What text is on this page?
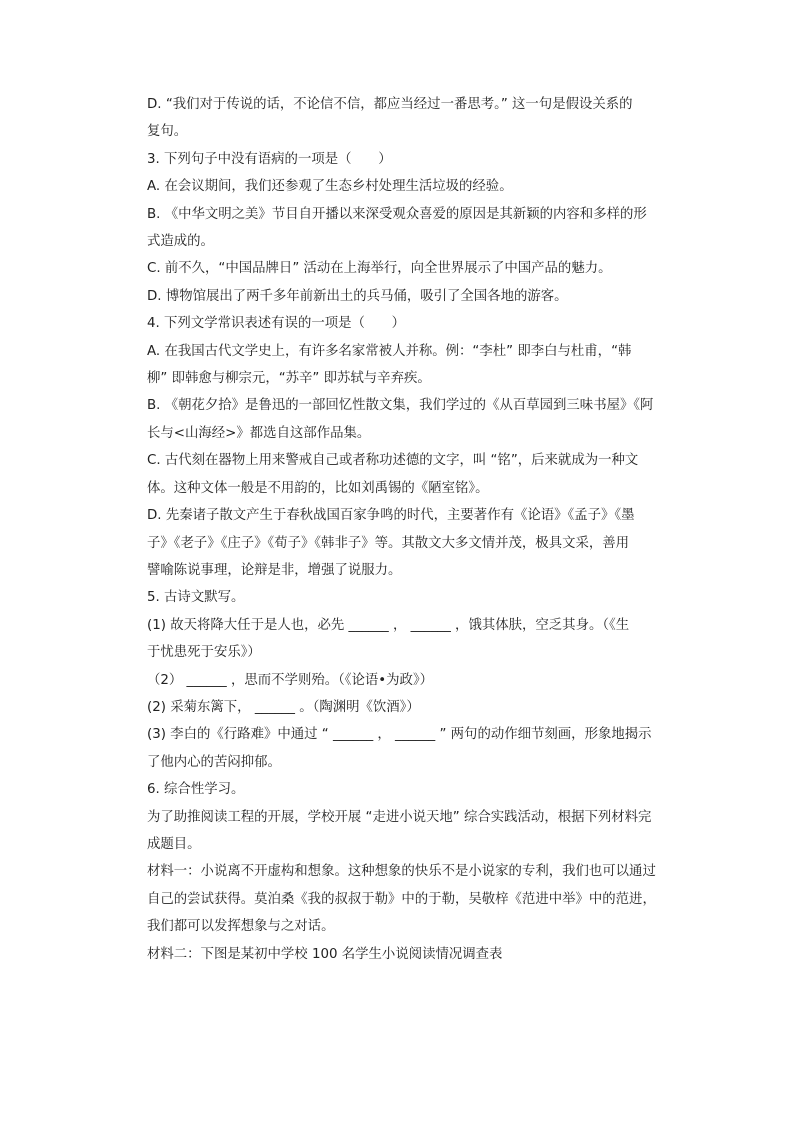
D. “我们对于传说的话，不论信不信，都应当经过一番思考。” 这一句是假设关系的
复句。
3. 下列句子中没有语病的一项是（　　）
A. 在会议期间，我们还参观了生态乡村处理生活垃圾的经验。
B. 《中华文明之美》节目自开播以来深受观众喜爱的原因是其新颖的内容和多样的形
式造成的。
C. 前不久，“中国品牌日” 活动在上海举行，向全世界展示了中国产品的魅力。
D. 博物馆展出了两千多年前新出土的兵马俑，吸引了全国各地的游客。
4. 下列文学常识表述有误的一项是（　　）
A. 在我国古代文学史上，有许多名家常被人并称。例：“李杜” 即李白与杜甫，“韩
柳” 即韩愈与柳宗元，“苏辛” 即苏轼与辛弃疾。
B. 《朝花夕拾》是鲁迅的一部回忆性散文集，我们学过的《从百草园到三味书屋》《阿
长与<山海经>》都选自这部作品集。
C. 古代刻在器物上用来警戒自己或者称功述德的文字，叫 “铭”，后来就成为一种文
体。这种文体一般是不用韵的，比如刘禹锡的《陋室铭》。
D. 先秦诸子散文产生于春秋战国百家争鸣的时代，主要著作有《论语》《孟子》《墨
子》《老子》《庄子》《荀子》《韩非子》等。其散文大多文情并茂，极具文采，善用
譬喻陈说事理，论辩是非，增强了说服力。
5. 古诗文默写。
(1) 故天将降大任于是人也，必先 ______ ， ______ ，饿其体肤，空乏其身。（《生
于忧患死于安乐》）
（2） ______ ，思而不学则殆。（《论语•为政》）
(2) 采菊东篱下， ______ 。（陶渊明《饮酒》）
(3) 李白的《行路难》中通过 “ ______ ， ______ ” 两句的动作细节刻画，形象地揭示
了他内心的苦闷抑郁。
6. 综合性学习。
为了助推阅读工程的开展，学校开展 “走进小说天地” 综合实践活动，根据下列材料完
成题目。
材料一：小说离不开虚构和想象。这种想象的快乐不是小说家的专利，我们也可以通过
自己的尝试获得。莫泊桑《我的叔叔于勒》中的于勒，吴敬梓《范进中举》中的范进，
我们都可以发挥想象与之对话。
材料二：下图是某初中学校 100 名学生小说阅读情况调查表
